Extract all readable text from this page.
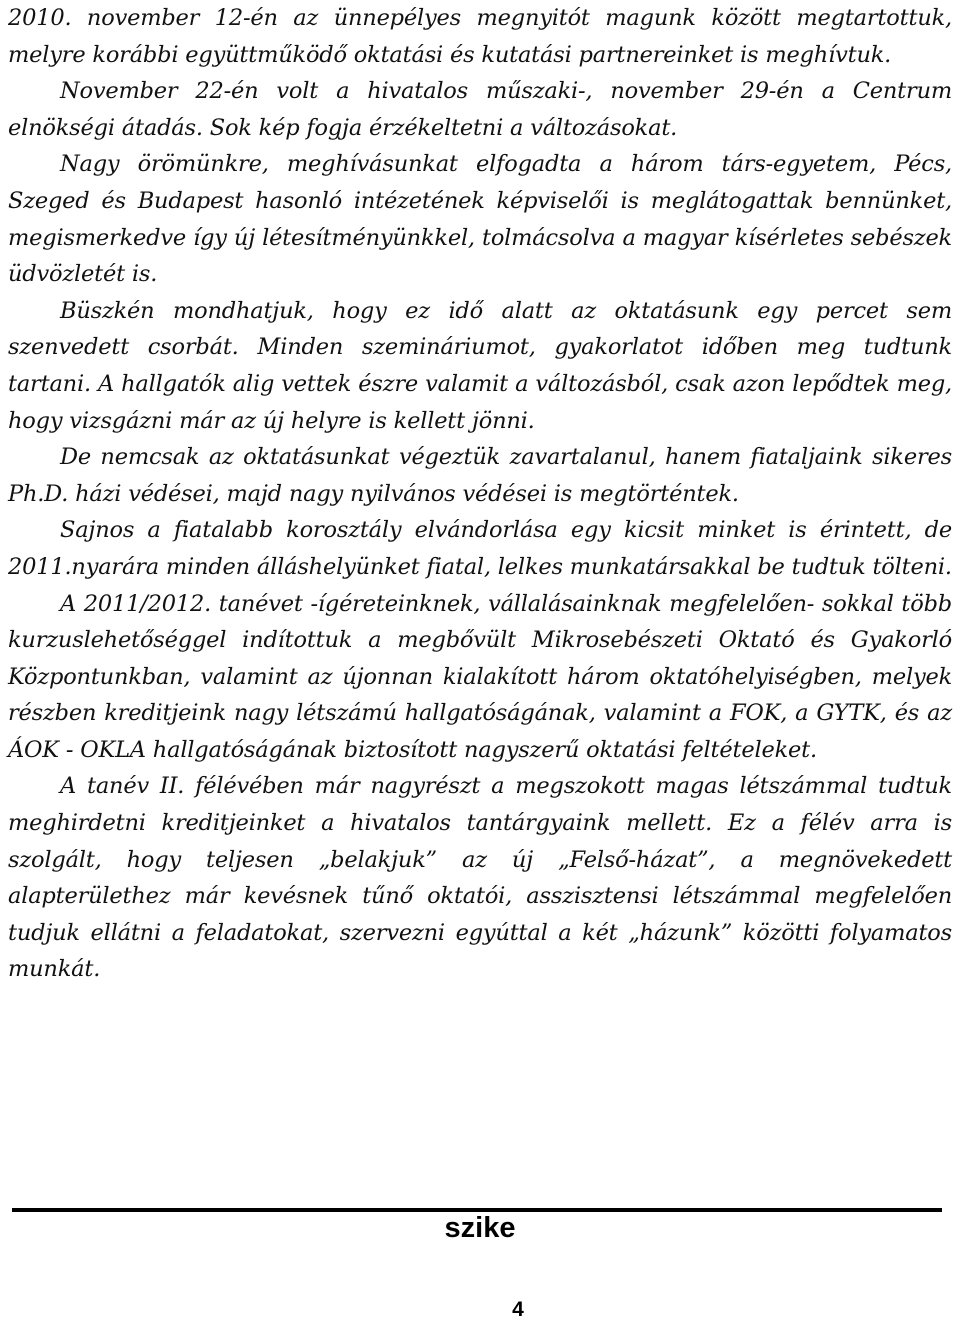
2010. november 12-én az ünnepélyes megnyitót magunk között megtartottuk, melyre korábbi együttműködő oktatási és kutatási partnereinket is meghívtuk.

November 22-én volt a hivatalos műszaki-, november 29-én a Centrum elnökségi átadás. Sok kép fogja érzékeltetni a változásokat.

Nagy örömünkre, meghívásunkat elfogadta a három társ-egyetem, Pécs, Szeged és Budapest hasonló intézetének képviselői is meglátogattak bennünket, megismerkedve így új létesítményünkkel, tolmácsolva a magyar kísérletes sebészek üdvözletét is.

Büszkén mondhatjuk, hogy ez idő alatt az oktatásunk egy percet sem szenvedett csorbát. Minden szemináriumot, gyakorlatot időben meg tudtunk tartani. A hallgatók alig vettek észre valamit a változásból, csak azon lepődtek meg, hogy vizsgázni már az új helyre is kellett jönni.

De nemcsak az oktatásunkat végeztük zavartalanul, hanem fiataljaink sikeres Ph.D. házi védései, majd nagy nyilvános védései is megtörténtek.

Sajnos a fiatalabb korosztály elvándorlása egy kicsit minket is érintett, de 2011.nyarára minden álláshelyünket fiatal, lelkes munkatársakkal be tudtuk tölteni.

A 2011/2012. tanévet -ígéreteinknek, vállalásainknak megfelelően- sokkal több kurzuslehetőséggel indítottuk a megbővült Mikrosebészeti Oktató és Gyakorló Központunkban, valamint az újonnan kialakított három oktatóhelyiségben, melyek részben kreditjeink nagy létszámú hallgatóságának, valamint a FOK, a GYTK, és az ÁOK - OKLA hallgatóságának biztosított nagyszerű oktatási feltételeket.

A tanév II. félévében már nagyrészt a megszokott magas létszámmal tudtuk meghirdetni kreditjeinket a hivatalos tantárgyaink mellett. Ez a félév arra is szolgált, hogy teljesen „belakjuk” az új „Felső-házat”, a megnövekedett alapterülethez már kevésnek tűnő oktatói, asszisztensi létszámmal megfelelően tudjuk ellátni a feladatokat, szervezni egyúttal a két „házunk” közötti folyamatos munkát.

szike
4
